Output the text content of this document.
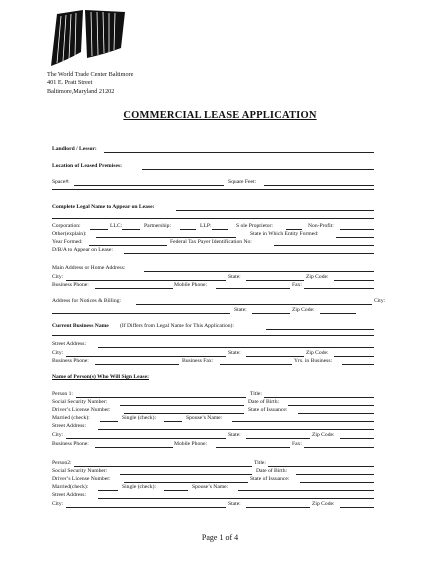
The World Trade Center Baltimore
401 E. Pratt Street
Baltimore,Maryland 21202
COMMERCIAL LEASE APPLICATION
Landlord / Lessor:
Location of Leased Premises:
Space#:	Square Feet:
Complete Legal Name to Appear on Lease:
Corporation:	LLC:	Partnership:	LLP:	S ole Proprietor:	Non-Profit:
Other(explain):	State in Which Entity Formed:
Year Formed:	Federal Tax Payer Identification No:
D/B/A to Appear on Lease:
Main Address or Home Address:
City:	State:	Zip Code:
Business Phone:	Mobile Phone:	Fax:
Address for Notices & Billing:	City:
State:	Zip Code:
Current Business Name (If Differs from Legal Name for This Application):
Street Address:
City:	State:	Zip Code:
Business Phone:	Business Fax:	Yrs. in Business:
Name of Person(s) Who Will Sign Lease:
Person 1:	Title:
Social Security Number:	Date of Birth:
Driver’s License Number:	State of Issuance:
Married (check):	Single (check):	Spouse’s Name:
Street Address:
City:	State:	Zip Code:
Business Phone:	Mobile Phone:	Fax:
Person2:	Title:
Social Security Number:	Date of Birth:
Driver’s License Number:	State of Issuance:
Married(check):	Single (check):	Spouse’s Name:
Street Address:
City:	State:	Zip Code:
Page 1 of 4
